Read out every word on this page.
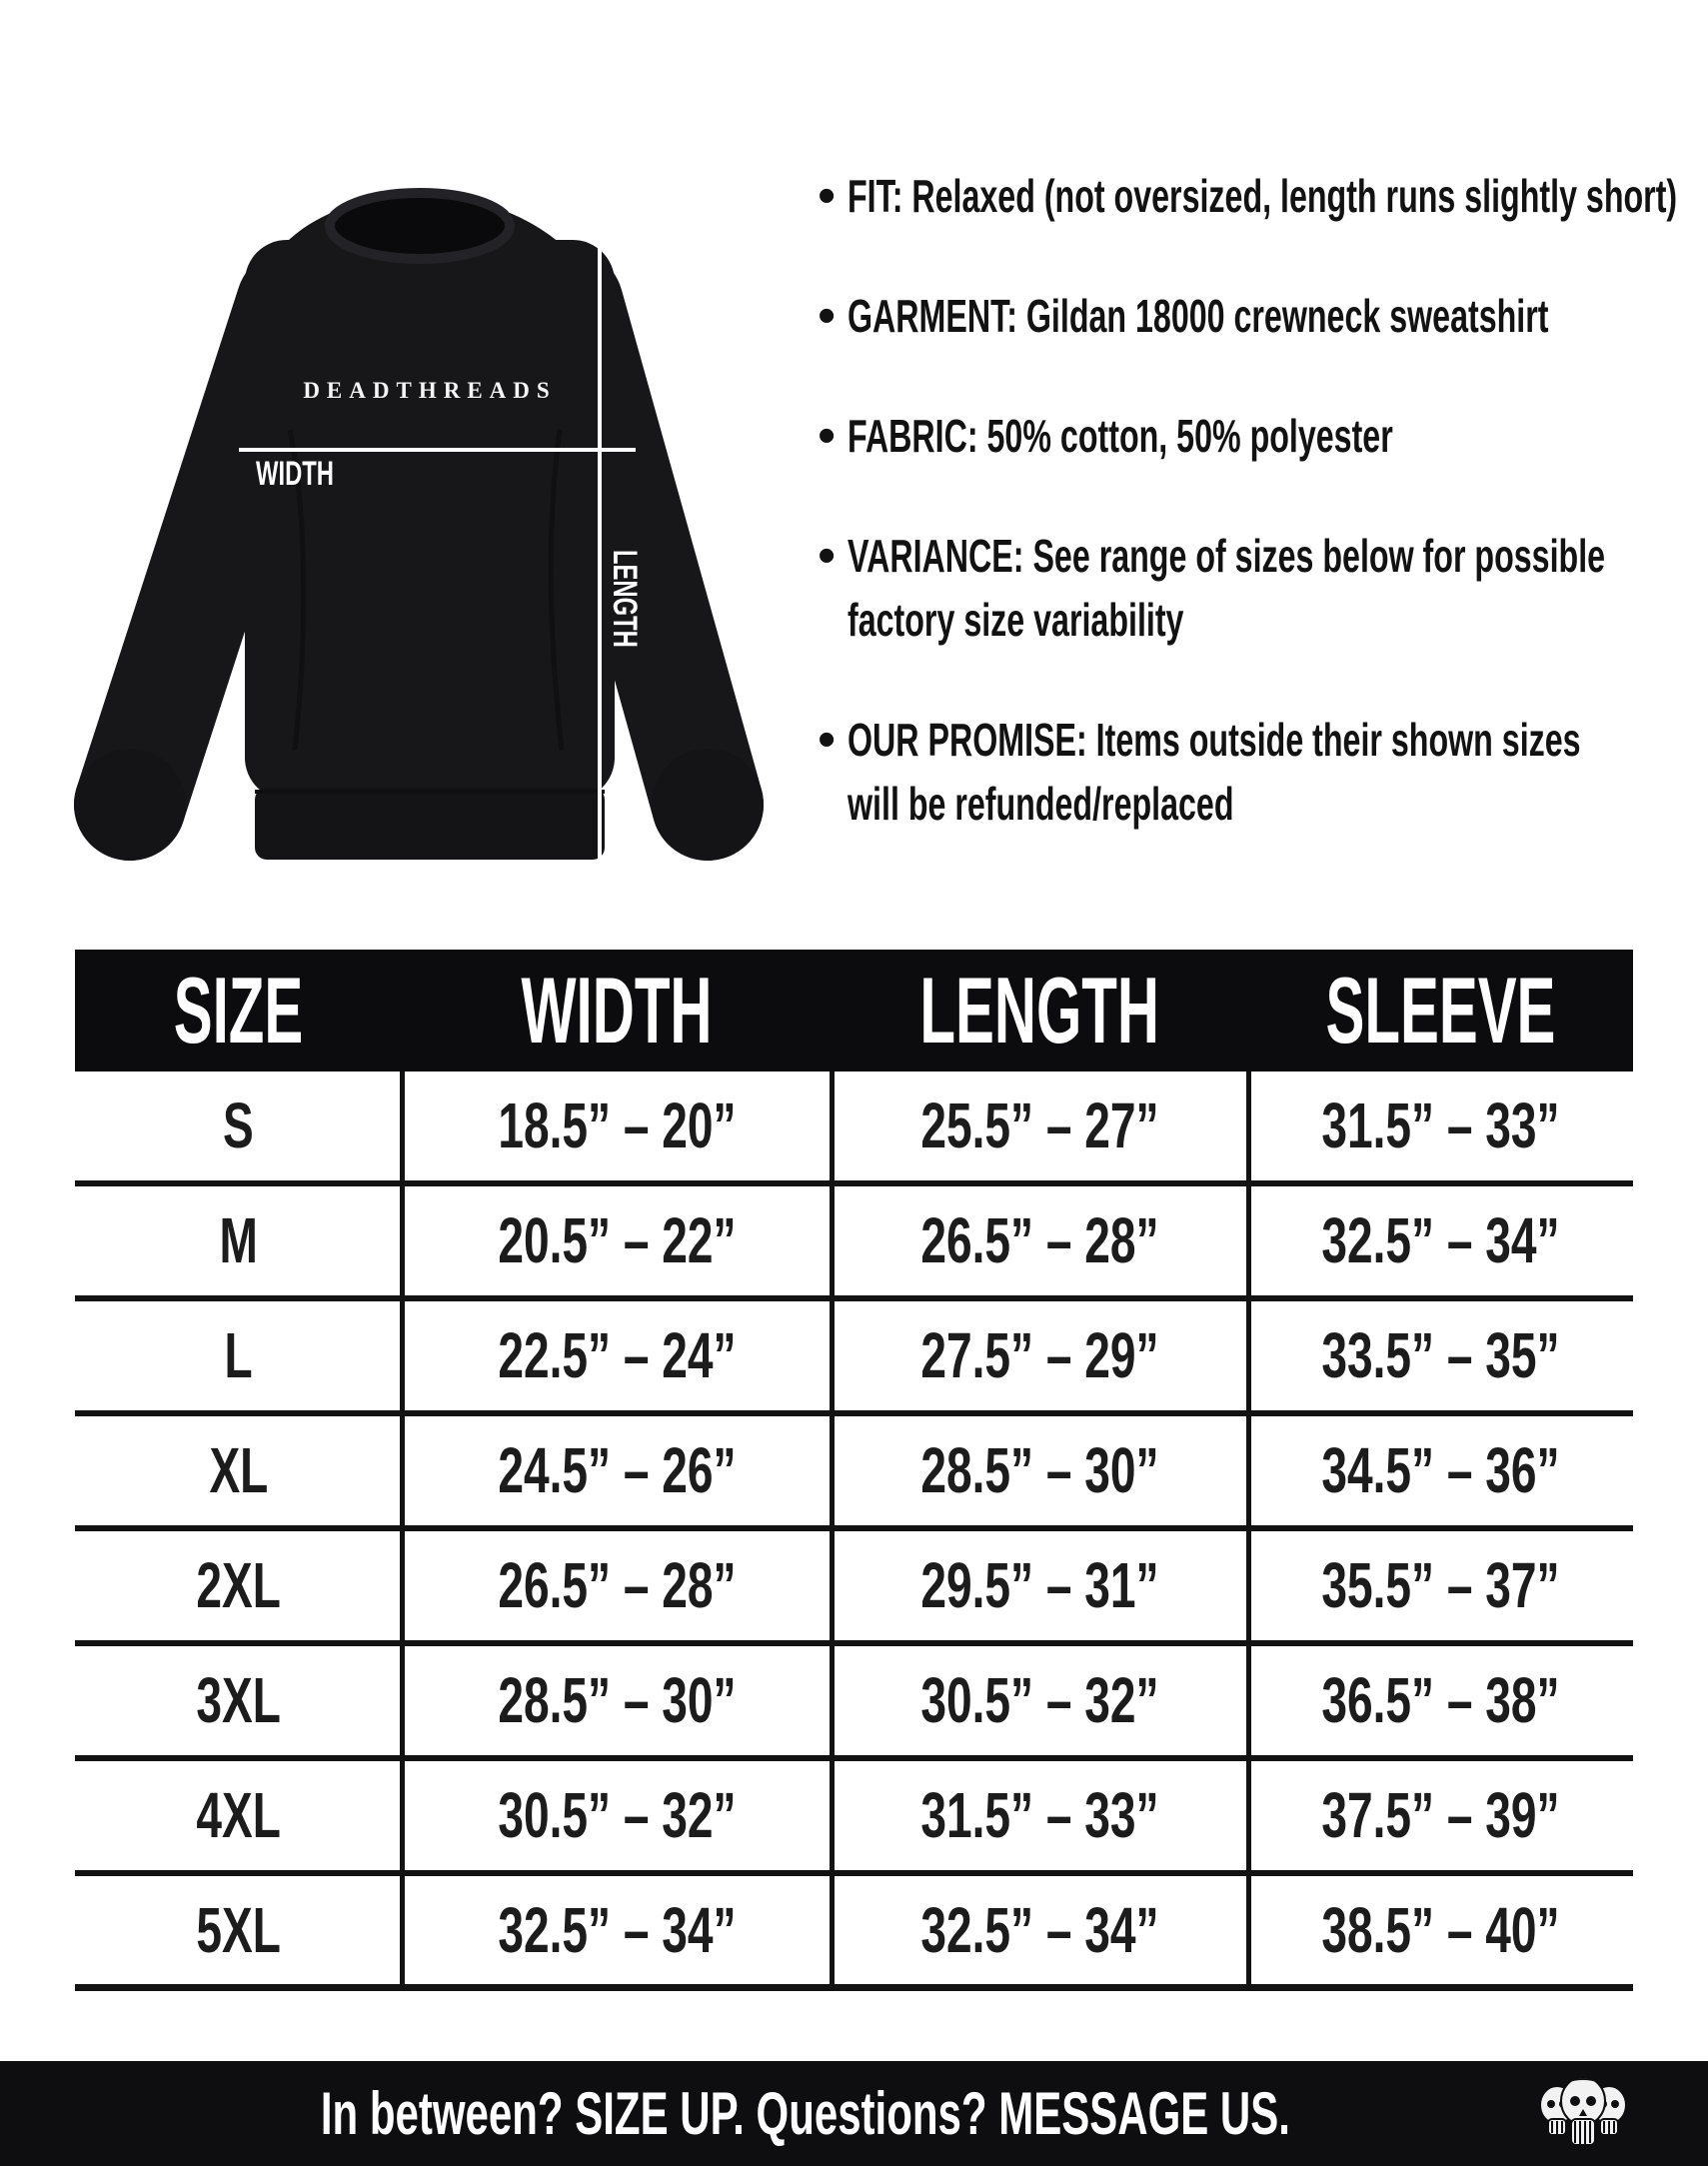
DEADTHREADS
WIDTH
LENGTH
• FIT: Relaxed (not oversized, length runs slightly short)
• GARMENT: Gildan 18000 crewneck sweatshirt
• FABRIC: 50% cotton, 50% polyester
• VARIANCE: See range of sizes below for possible
factory size variability
• OUR PROMISE: Items outside their shown sizes
will be refunded/replaced
SIZE	WIDTH	LENGTH	SLEEVE
S	18.5” – 20”	25.5” – 27”	31.5” – 33”
M	20.5” – 22”	26.5” – 28”	32.5” – 34”
L	22.5” – 24”	27.5” – 29”	33.5” – 35”
XL	24.5” – 26”	28.5” – 30”	34.5” – 36”
2XL	26.5” – 28”	29.5” – 31”	35.5” – 37”
3XL	28.5” – 30”	30.5” – 32”	36.5” – 38”
4XL	30.5” – 32”	31.5” – 33”	37.5” – 39”
5XL	32.5” – 34”	32.5” – 34”	38.5” – 40”
In between? SIZE UP. Questions? MESSAGE US.
